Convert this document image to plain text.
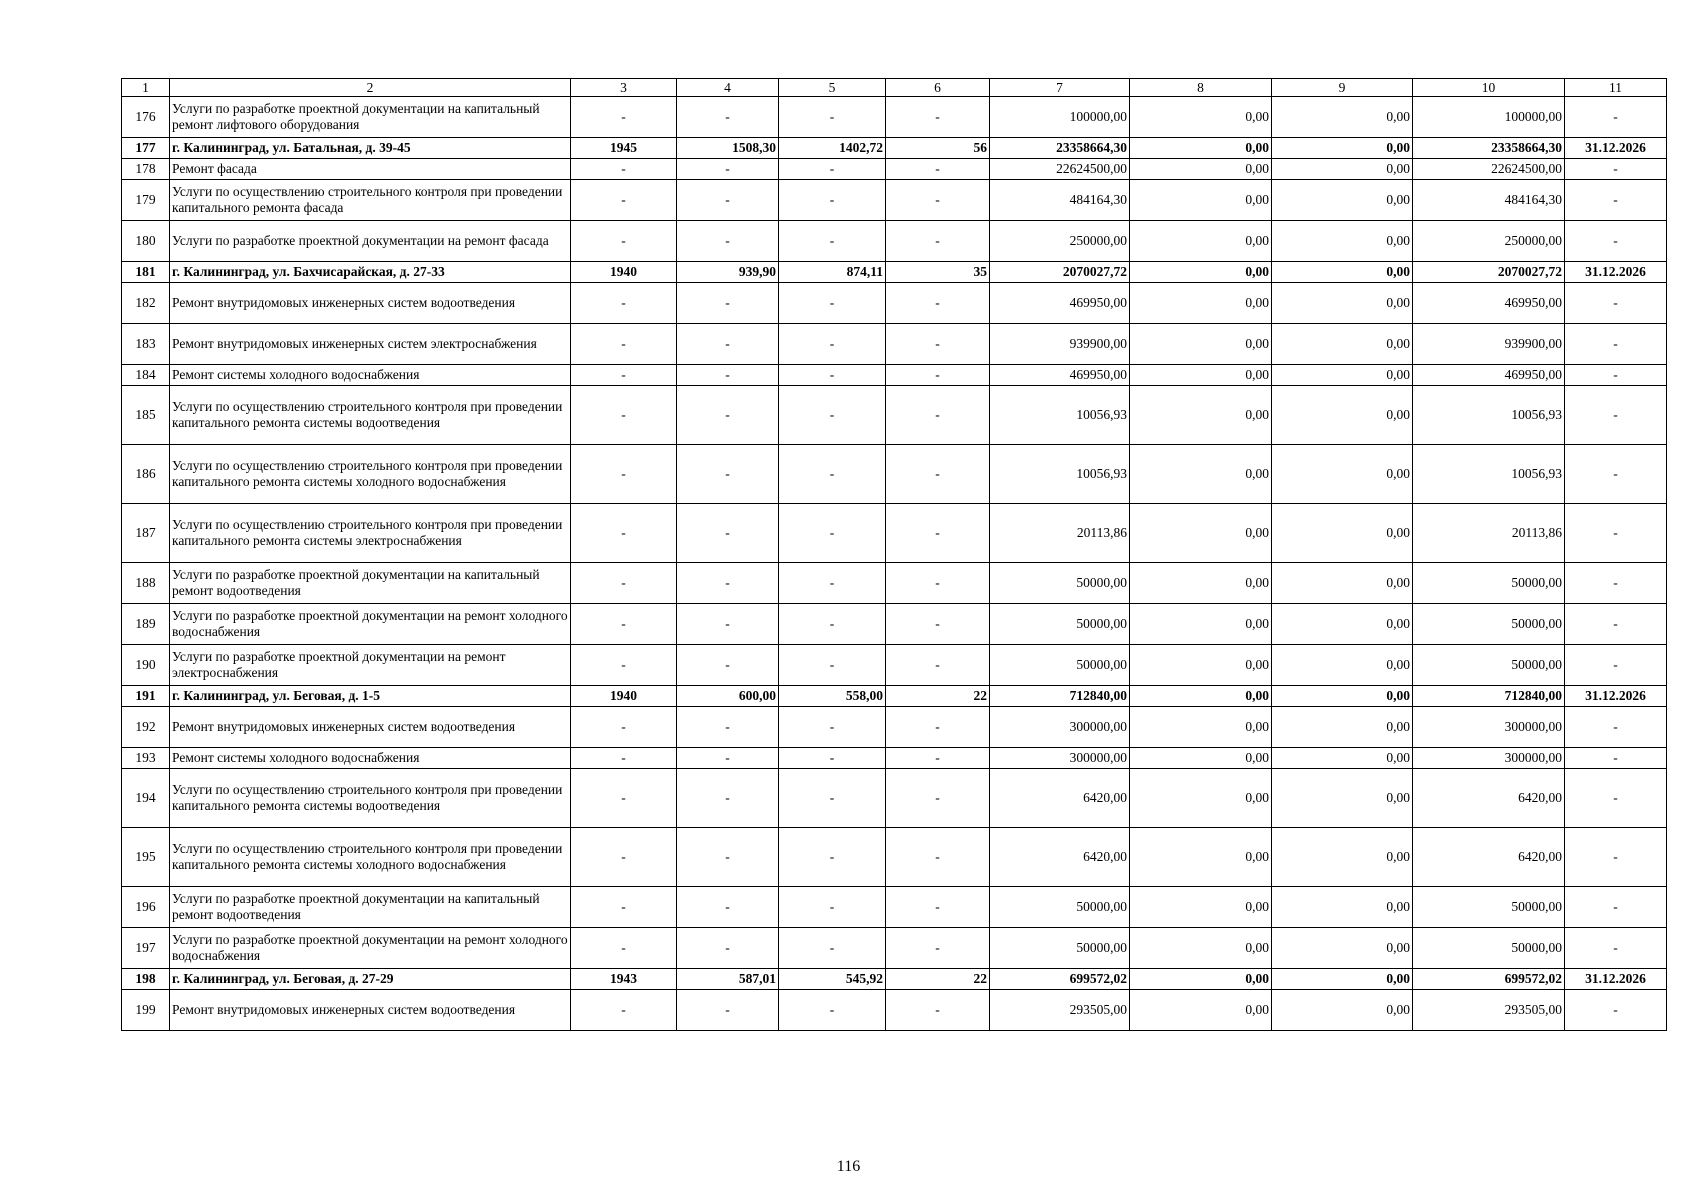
1	2	3	4	5	6	7	8	9	10	11
176	Услуги по разработке проектной документации на капитальный ремонт лифтового оборудования	-	-	-	-	100000,00	0,00	0,00	100000,00	-
177	г. Калининград, ул. Батальная, д. 39-45	1945	1508,30	1402,72	56	23358664,30	0,00	0,00	23358664,30	31.12.2026
178	Ремонт фасада	-	-	-	-	22624500,00	0,00	0,00	22624500,00	-
179	Услуги по осуществлению строительного контроля при проведении капитального ремонта фасада	-	-	-	-	484164,30	0,00	0,00	484164,30	-
180	Услуги по разработке проектной документации на ремонт фасада	-	-	-	-	250000,00	0,00	0,00	250000,00	-
181	г. Калининград, ул. Бахчисарайская, д. 27-33	1940	939,90	874,11	35	2070027,72	0,00	0,00	2070027,72	31.12.2026
182	Ремонт внутридомовых инженерных систем водоотведения	-	-	-	-	469950,00	0,00	0,00	469950,00	-
183	Ремонт внутридомовых инженерных систем электроснабжения	-	-	-	-	939900,00	0,00	0,00	939900,00	-
184	Ремонт системы холодного водоснабжения	-	-	-	-	469950,00	0,00	0,00	469950,00	-
185	Услуги по осуществлению строительного контроля при проведении капитального ремонта системы водоотведения	-	-	-	-	10056,93	0,00	0,00	10056,93	-
186	Услуги по осуществлению строительного контроля при проведении капитального ремонта системы холодного водоснабжения	-	-	-	-	10056,93	0,00	0,00	10056,93	-
187	Услуги по осуществлению строительного контроля при проведении капитального ремонта системы электроснабжения	-	-	-	-	20113,86	0,00	0,00	20113,86	-
188	Услуги по разработке проектной документации на капитальный ремонт водоотведения	-	-	-	-	50000,00	0,00	0,00	50000,00	-
189	Услуги по разработке проектной документации на ремонт холодного водоснабжения	-	-	-	-	50000,00	0,00	0,00	50000,00	-
190	Услуги по разработке проектной документации на ремонт электроснабжения	-	-	-	-	50000,00	0,00	0,00	50000,00	-
191	г. Калининград, ул. Беговая, д. 1-5	1940	600,00	558,00	22	712840,00	0,00	0,00	712840,00	31.12.2026
192	Ремонт внутридомовых инженерных систем водоотведения	-	-	-	-	300000,00	0,00	0,00	300000,00	-
193	Ремонт системы холодного водоснабжения	-	-	-	-	300000,00	0,00	0,00	300000,00	-
194	Услуги по осуществлению строительного контроля при проведении капитального ремонта системы водоотведения	-	-	-	-	6420,00	0,00	0,00	6420,00	-
195	Услуги по осуществлению строительного контроля при проведении капитального ремонта системы холодного водоснабжения	-	-	-	-	6420,00	0,00	0,00	6420,00	-
196	Услуги по разработке проектной документации на капитальный ремонт водоотведения	-	-	-	-	50000,00	0,00	0,00	50000,00	-
197	Услуги по разработке проектной документации на ремонт холодного водоснабжения	-	-	-	-	50000,00	0,00	0,00	50000,00	-
198	г. Калининград, ул. Беговая, д. 27-29	1943	587,01	545,92	22	699572,02	0,00	0,00	699572,02	31.12.2026
199	Ремонт внутридомовых инженерных систем водоотведения	-	-	-	-	293505,00	0,00	0,00	293505,00	-
116
